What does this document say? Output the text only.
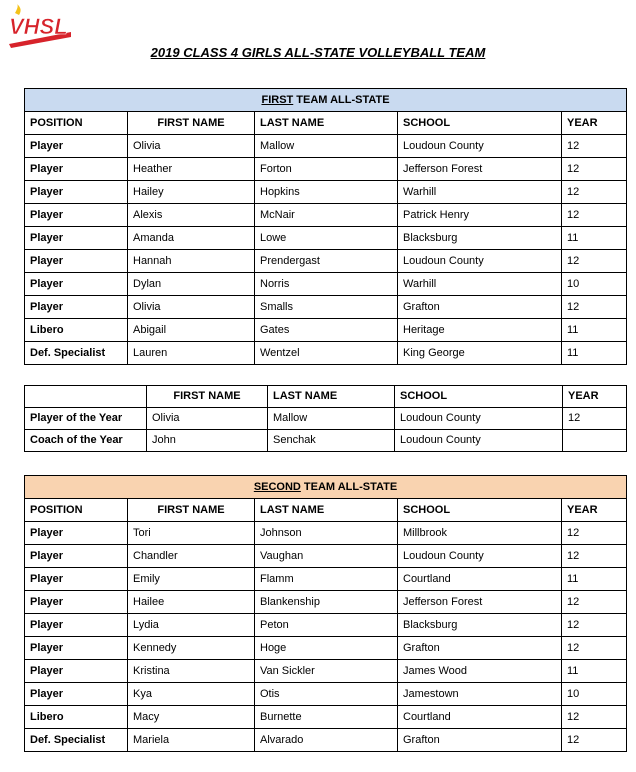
VHSL
2019 CLASS 4 GIRLS ALL-STATE VOLLEYBALL TEAM
FIRST TEAM ALL-STATE				
POSITION	FIRST NAME	LAST NAME	SCHOOL	YEAR
Player	Olivia	Mallow	Loudoun County	12
Player	Heather	Forton	Jefferson Forest	12
Player	Hailey	Hopkins	Warhill	12
Player	Alexis	McNair	Patrick Henry	12
Player	Amanda	Lowe	Blacksburg	11
Player	Hannah	Prendergast	Loudoun County	12
Player	Dylan	Norris	Warhill	10
Player	Olivia	Smalls	Grafton	12
Libero	Abigail	Gates	Heritage	11
Def. Specialist	Lauren	Wentzel	King George	11
	FIRST NAME	LAST NAME	SCHOOL	YEAR
Player of the Year	Olivia	Mallow	Loudoun County	12
Coach of the Year	John	Senchak	Loudoun County	
SECOND TEAM ALL-STATE				
POSITION	FIRST NAME	LAST NAME	SCHOOL	YEAR
Player	Tori	Johnson	Millbrook	12
Player	Chandler	Vaughan	Loudoun County	12
Player	Emily	Flamm	Courtland	11
Player	Hailee	Blankenship	Jefferson Forest	12
Player	Lydia	Peton	Blacksburg	12
Player	Kennedy	Hoge	Grafton	12
Player	Kristina	Van Sickler	James Wood	11
Player	Kya	Otis	Jamestown	10
Libero	Macy	Burnette	Courtland	12
Def. Specialist	Mariela	Alvarado	Grafton	12
